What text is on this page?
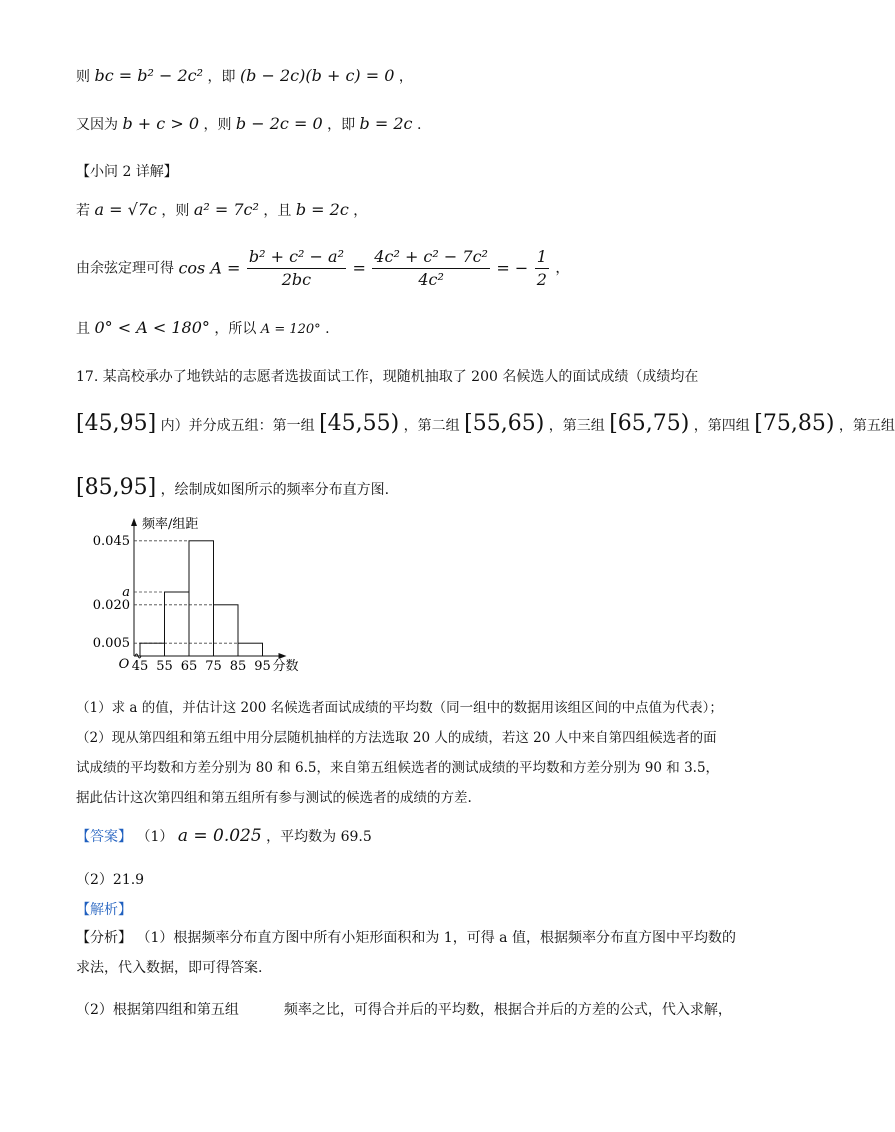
则 bc = b² − 2c² ，即 (b − 2c)(b + c) = 0 ，
又因为 b + c > 0 ，则 b − 2c = 0 ，即 b = 2c .
【小问 2 详解】
若 a = √7c ，则 a² = 7c² ，且 b = 2c ，
由余弦定理可得 $\cos A = \frac{\text{b² + c² − a²}}{2bc} = \frac{\text{4c² + c² − 7c²}}{\text{4c²}}$ = − $\frac{1}{2}$ ，
且 0° < A < 180° ，所以 A = 120° .
17. 某高校承办了地铁站的志愿者选拔面试工作，现随机抽取了 200 名候选人的面试成绩（成绩均在
[45,95] 内）并分成五组：第一组 [45,55) ，第二组 [55,65) ，第三组 [65,75) ，第四组 [75,85) ，第五组
[85,95] ，绘制成如图所示的频率分布直方图.
0.045
a
0.020
0.005
45 55 65 75 85 95
O	分数
频率/组距
（1）求 a 的值，并估计这 200 名候选者面试成绩的平均数（同一组中的数据用该组区间的中点值为代表）；
（2）现从第四组和第五组中用分层随机抽样的方法选取 20 人的成绩，若这 20 人中来自第四组候选者的面
试成绩的平均数和方差分别为 80 和 6.5，来自第五组候选者的测试成绩的平均数和方差分别为 90 和 3.5，
据此估计这次第四组和第五组所有参与测试的候选者的成绩的方差.
【答案】 （1） a = 0.025 ，平均数为 69.5
（2）21.9
【解析】
【分析】 （1）根据频率分布直方图中所有小矩形面积和为 1，可得 a 值，根据频率分布直方图中平均数的
求法，代入数据，即可得答案.
（2）根据第四组和第五组	频率之比，可得合并后的平均数，根据合并后的方差的公式，代入求解，
